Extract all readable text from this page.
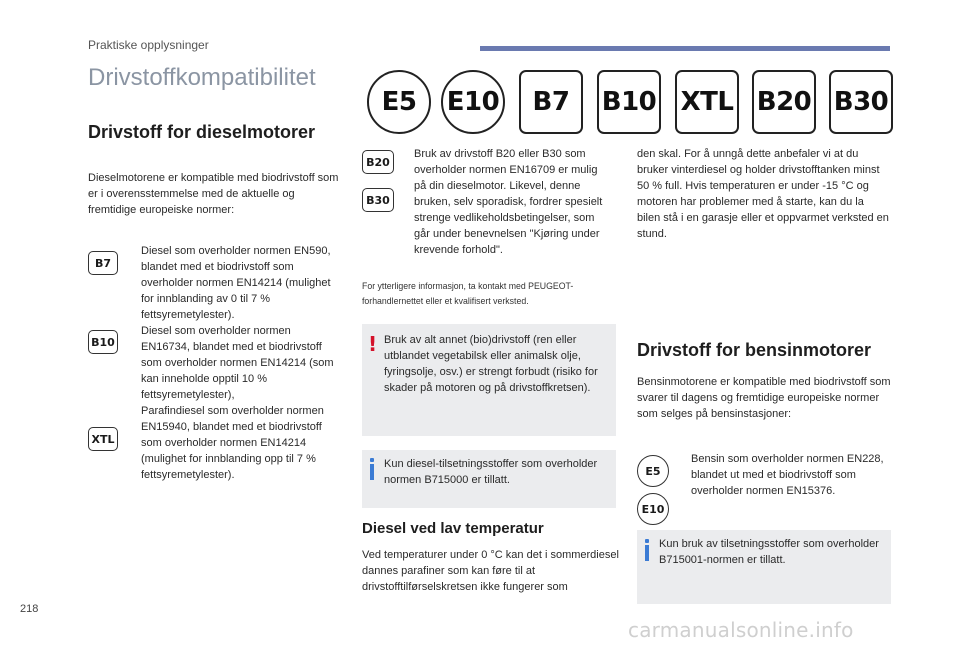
Praktiske opplysninger
Drivstoffkompatibilitet
E5	E10	B7	B10 XTL B20 B30
Drivstoff for dieselmotorer

Dieselmotorene er kompatible med biodrivstoff som er i overensstemmelse med de aktuelle og fremtidige europeiske normer:

B7

Diesel som overholder normen EN590, blandet med et biodrivstoff som overholder normen EN14214 (mulighet for innblanding av 0 til 7 % fettsyremetylester).

B10

Diesel som overholder normen EN16734, blandet med et biodrivstoff som overholder normen EN14214 (som kan inneholde opptil 10 % fettsyremetylester),

XTL

Parafindiesel som overholder normen EN15940, blandet med et biodrivstoff som overholder normen EN14214 (mulighet for innblanding opp til 7 % fettsyremetylester).

B20
B30

Bruk av drivstoff B20 eller B30 som overholder normen EN16709 er mulig på din dieselmotor. Likevel, denne bruken, selv sporadisk, fordrer spesielt strenge vedlikeholdsbetingelser, som går under benevnelsen "Kjøring under krevende forhold".

For ytterligere informasjon, ta kontakt med PEUGEOT-forhandlernettet eller et kvalifisert verksted.

! Bruk av alt annet (bio)drivstoff (ren eller utblandet vegetabilsk eller animalsk olje, fyringsolje, osv.) er strengt forbudt (risiko for skader på motoren og på drivstoffkretsen).

Kun diesel-tilsetningsstoffer som overholder normen B715000 er tillatt.

Diesel ved lav temperatur

Ved temperaturer under 0 °C kan det i sommerdiesel dannes parafiner som kan føre til at drivstofftilførselskretsen ikke fungerer som

den skal. For å unngå dette anbefaler vi at du bruker vinterdiesel og holder drivstofftanken minst 50 % full. Hvis temperaturen er under -15 °C og motoren har problemer med å starte, kan du la bilen stå i en garasje eller et oppvarmet verksted en stund.

Drivstoff for bensinmotorer

Bensinmotorene er kompatible med biodrivstoff som svarer til dagens og fremtidige europeiske normer som selges på bensinstasjoner:

E5
E10

Bensin som overholder normen EN228, blandet ut med et biodrivstoff som overholder normen EN15376.

Kun bruk av tilsetningsstoffer som overholder B715001-normen er tillatt.

218
carmanualsonline.info
